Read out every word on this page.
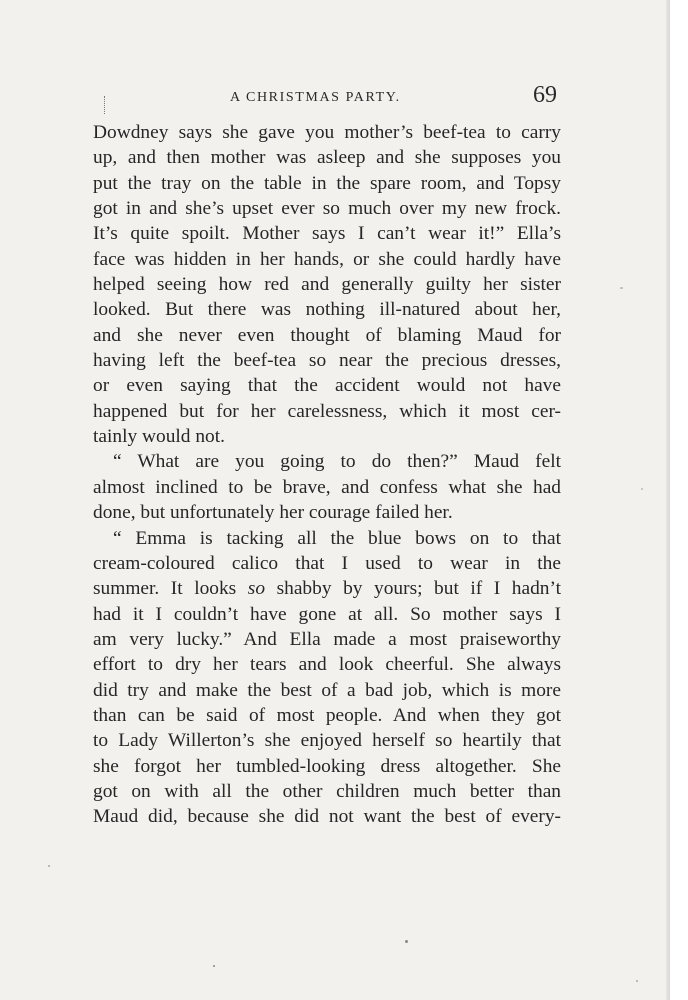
A CHRISTMAS PARTY.	69
Dowdney says she gave you mother’s beef-tea to carry
up, and then mother was asleep and she supposes you
put the tray on the table in the spare room, and Topsy
got in and she’s upset ever so much over my new frock.
It’s quite spoilt. Mother says I can’t wear it!” Ella’s
face was hidden in her hands, or she could hardly have
helped seeing how red and generally guilty her sister
looked. But there was nothing ill-natured about her,
and she never even thought of blaming Maud for
having left the beef-tea so near the precious dresses,
or even saying that the accident would not have
happened but for her carelessness, which it most cer-
tainly would not.
“ What are you going to do then?” Maud felt
almost inclined to be brave, and confess what she had
done, but unfortunately her courage failed her.
“ Emma is tacking all the blue bows on to that
cream-coloured calico that I used to wear in the
summer. It looks so shabby by yours; but if I hadn’t
had it I couldn’t have gone at all. So mother says I
am very lucky.” And Ella made a most praiseworthy
effort to dry her tears and look cheerful. She always
did try and make the best of a bad job, which is more
than can be said of most people. And when they got
to Lady Willerton’s she enjoyed herself so heartily that
she forgot her tumbled-looking dress altogether. She
got on with all the other children much better than
Maud did, because she did not want the best of every-
